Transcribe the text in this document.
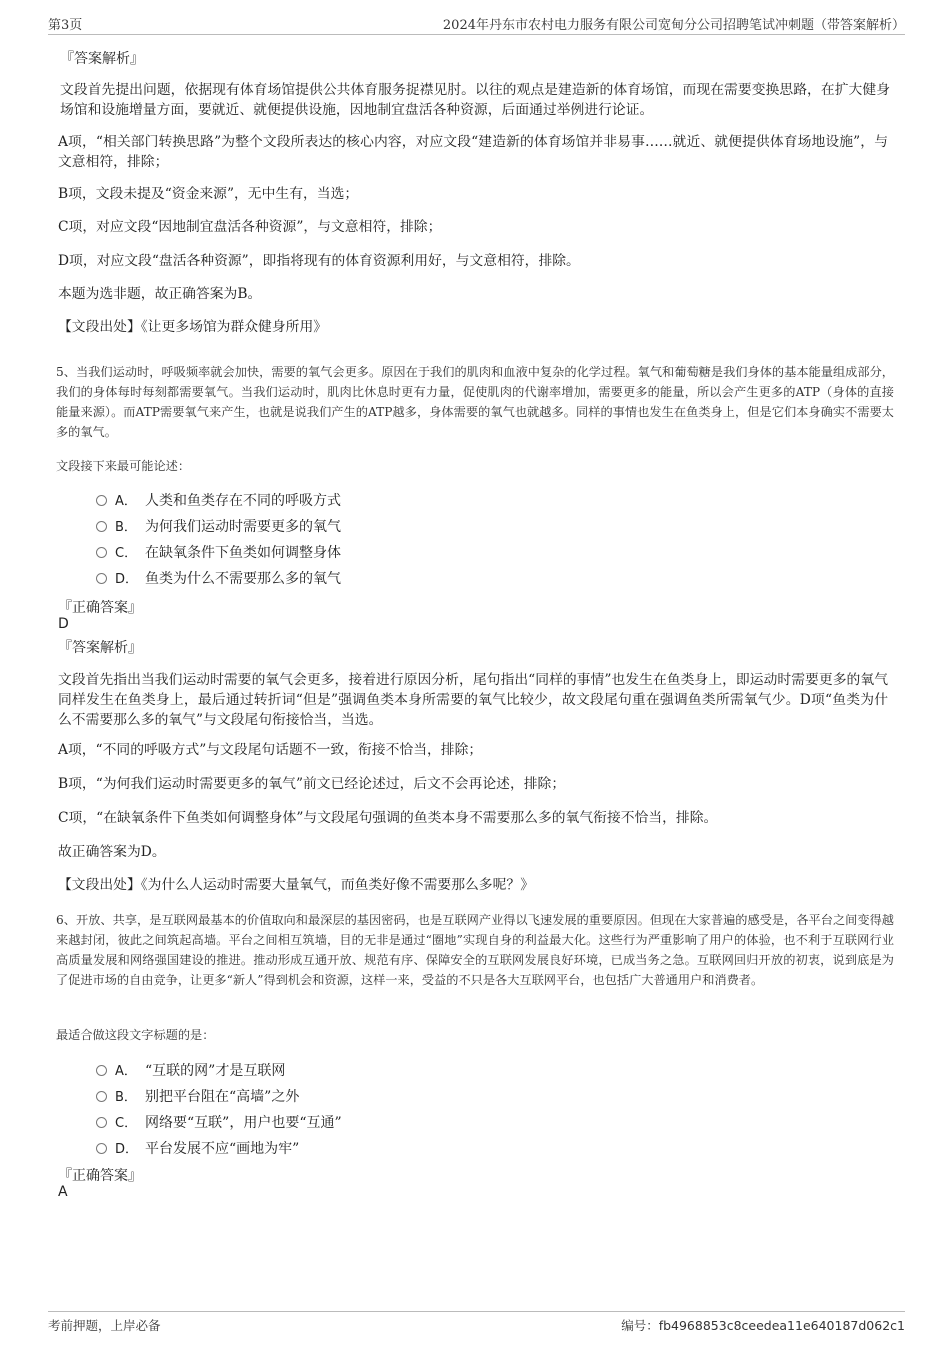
第3页	2024年丹东市农村电力服务有限公司宽甸分公司招聘笔试冲刺题（带答案解析）
『答案解析』
文段首先提出问题，依据现有体育场馆提供公共体育服务捉襟见肘。以往的观点是建造新的体育场馆，而现在需要变换思路，在扩大健身场馆和设施增量方面，要就近、就便提供设施，因地制宜盘活各种资源，后面通过举例进行论证。
A项，“相关部门转换思路”为整个文段所表达的核心内容，对应文段“建造新的体育场馆并非易事……就近、就便提供体育场地设施”，与文意相符，排除；
B项，文段未提及“资金来源”，无中生有，当选；
C项，对应文段“因地制宜盘活各种资源”，与文意相符，排除；
D项，对应文段“盘活各种资源”，即指将现有的体育资源利用好，与文意相符，排除。
本题为选非题，故正确答案为B。
【文段出处】《让更多场馆为群众健身所用》
5、当我们运动时，呼吸频率就会加快，需要的氧气会更多。原因在于我们的肌肉和血液中复杂的化学过程。氧气和葡萄糖是我们身体的基本能量组成部分，我们的身体每时每刻都需要氧气。当我们运动时，肌肉比休息时更有力量，促使肌肉的代谢率增加，需要更多的能量，所以会产生更多的ATP（身体的直接能量来源）。而ATP需要氧气来产生，也就是说我们产生的ATP越多，身体需要的氧气也就越多。同样的事情也发生在鱼类身上，但是它们本身确实不需要太多的氧气。
文段接下来最可能论述：
A． 人类和鱼类存在不同的呼吸方式
B． 为何我们运动时需要更多的氧气
C． 在缺氧条件下鱼类如何调整身体
D． 鱼类为什么不需要那么多的氧气
『正确答案』
D
『答案解析』
文段首先指出当我们运动时需要的氧气会更多，接着进行原因分析，尾句指出“同样的事情”也发生在鱼类身上，即运动时需要更多的氧气同样发生在鱼类身上，最后通过转折词“但是”强调鱼类本身所需要的氧气比较少，故文段尾句重在强调鱼类所需氧气少。D项“鱼类为什么不需要那么多的氧气”与文段尾句衔接恰当，当选。
A项，“不同的呼吸方式”与文段尾句话题不一致，衔接不恰当，排除；
B项，“为何我们运动时需要更多的氧气”前文已经论述过，后文不会再论述，排除；
C项，“在缺氧条件下鱼类如何调整身体”与文段尾句强调的鱼类本身不需要那么多的氧气衔接不恰当，排除。
故正确答案为D。
【文段出处】《为什么人运动时需要大量氧气，而鱼类好像不需要那么多呢？》
6、开放、共享，是互联网最基本的价值取向和最深层的基因密码，也是互联网产业得以飞速发展的重要原因。但现在大家普遍的感受是，各平台之间变得越来越封闭，彼此之间筑起高墙。平台之间相互筑墙，目的无非是通过“圈地”实现自身的利益最大化。这些行为严重影响了用户的体验，也不利于互联网行业高质量发展和网络强国建设的推进。推动形成互通开放、规范有序、保障安全的互联网发展良好环境，已成当务之急。互联网回归开放的初衷，说到底是为了促进市场的自由竞争，让更多“新人”得到机会和资源，这样一来，受益的不只是各大互联网平台，也包括广大普通用户和消费者。
最适合做这段文字标题的是：
A． “互联的网”才是互联网
B． 别把平台阻在“高墙”之外
C． 网络要“互联”，用户也要“互通”
D． 平台发展不应“画地为牢”
『正确答案』
A
考前押题，上岸必备	编号：fb4968853c8ceedea11e640187d062c1
